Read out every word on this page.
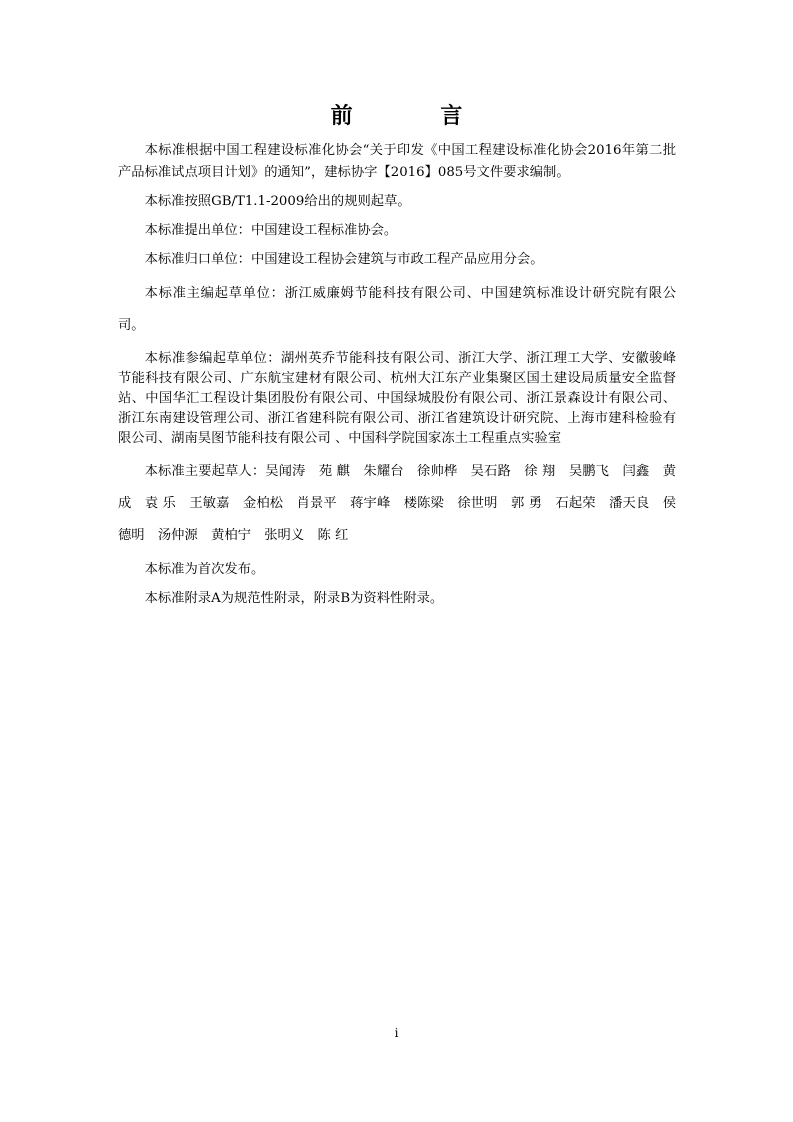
前 言

本标准根据中国工程建设标准化协会“关于印发《中国工程建设标准化协会2016年第二批产品标准试点项目计划》的通知”，建标协字【2016】085号文件要求编制。

本标准按照GB/T1.1-2009给出的规则起草。

本标准提出单位：中国建设工程标准协会。

本标准归口单位：中国建设工程协会建筑与市政工程产品应用分会。

本标准主编起草单位：浙江威廉姆节能科技有限公司、中国建筑标准设计研究院有限公司。

本标准参编起草单位：湖州英乔节能科技有限公司、浙江大学、浙江理工大学、安徽骏峰节能科技有限公司、广东航宝建材有限公司、杭州大江东产业集聚区国土建设局质量安全监督站、中国华汇工程设计集团股份有限公司、中国绿城股份有限公司、浙江景森设计有限公司、浙江东南建设管理公司、浙江省建科院有限公司、浙江省建筑设计研究院、上海市建科检验有限公司、湖南昊图节能科技有限公司 、中国科学院国家冻土工程重点实验室

本标准主要起草人：吴闻涛　苑 麒　朱耀台　徐帅桦　吴石路　徐 翔　吴鹏飞　闫鑫　黄 成　袁 乐　王敏嘉　金柏松　肖景平　蒋宇峰　楼陈梁　徐世明　郭 勇　石起荣　潘天良　侯德明　汤仲源　黄柏宁　张明义　陈 红

本标准为首次发布。

本标准附录A为规范性附录，附录B为资料性附录。

i
